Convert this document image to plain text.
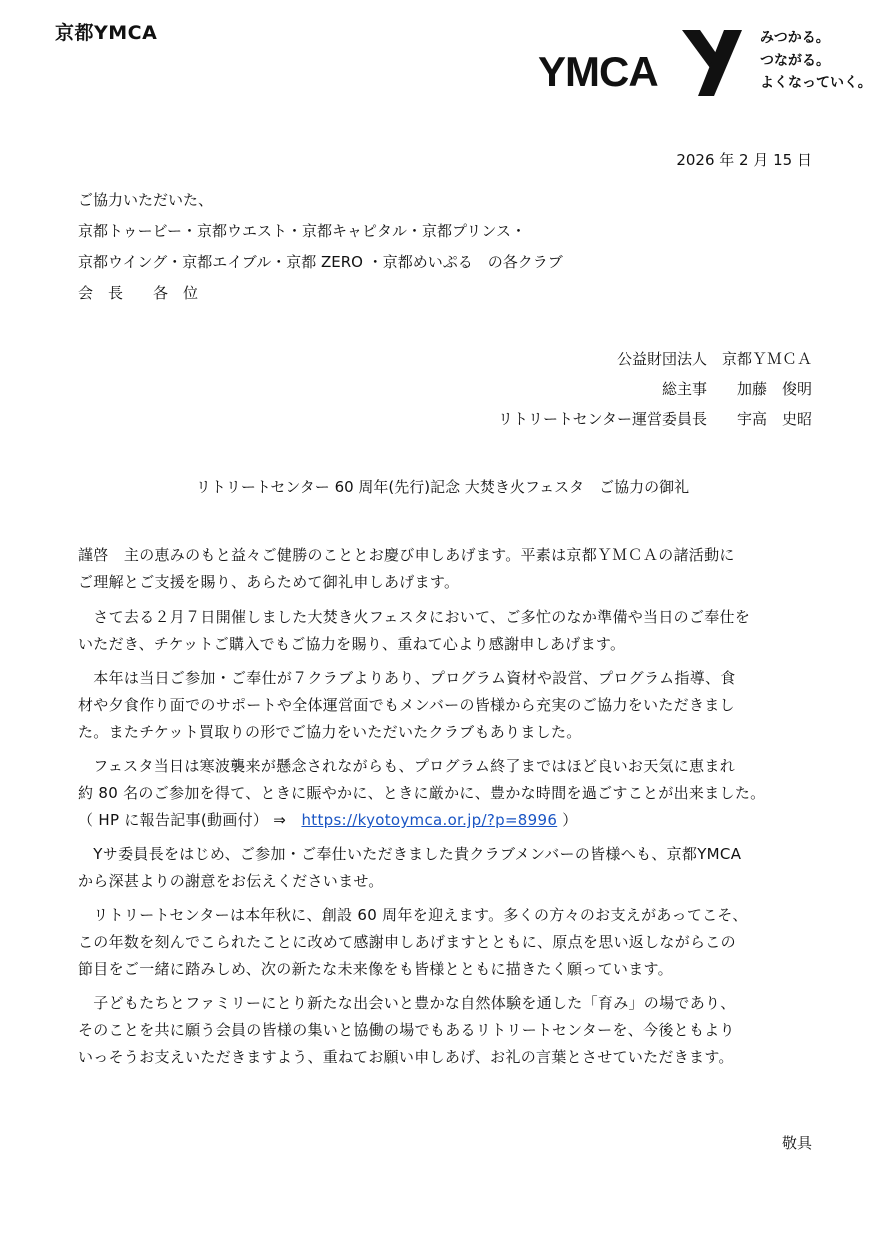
京都YMCA
YMCA
みつかる。
つながる。
よくなっていく。
2026 年 2 月 15 日
ご協力いただいた、
京都トゥービー・京都ウエスト・京都キャピタル・京都プリンス・
京都ウイング・京都エイブル・京都 ZERO ・京都めいぷる　の各クラブ
会　長　　各　位
公益財団法人　京都ＹＭＣＡ
総主事　　加藤　俊明
リトリートセンター運営委員長　　宇高　史昭
リトリートセンター 60 周年(先行)記念 大焚き火フェスタ　ご協力の御礼

謹啓　主の恵みのもと益々ご健勝のこととお慶び申しあげます。平素は京都ＹＭＣＡの諸活動に
ご理解とご支援を賜り、あらためて御礼申しあげます。

　さて去る２月７日開催しました大焚き火フェスタにおいて、ご多忙のなか準備や当日のご奉仕を
いただき、チケットご購入でもご協力を賜り、重ねて心より感謝申しあげます。

　本年は当日ご参加・ご奉仕が７クラブよりあり、プログラム資材や設営、プログラム指導、食
材や夕食作り面でのサポートや全体運営面でもメンバーの皆様から充実のご協力をいただきまし
た。またチケット買取りの形でご協力をいただいたクラブもありました。

　フェスタ当日は寒波襲来が懸念されながらも、プログラム終了まではほど良いお天気に恵まれ
約 80 名のご参加を得て、ときに賑やかに、ときに厳かに、豊かな時間を過ごすことが出来ました。
（ HP に報告記事(動画付） ⇒　https://kyotoymca.or.jp/?p=8996 ）

　Yサ委員長をはじめ、ご参加・ご奉仕いただきました貴クラブメンバーの皆様へも、京都YMCA
から深甚よりの謝意をお伝えくださいませ。

　リトリートセンターは本年秋に、創設 60 周年を迎えます。多くの方々のお支えがあってこそ、
この年数を刻んでこられたことに改めて感謝申しあげますとともに、原点を思い返しながらこの
節目をご一緒に踏みしめ、次の新たな未来像をも皆様とともに描きたく願っています。

　子どもたちとファミリーにとり新たな出会いと豊かな自然体験を通した「育み」の場であり、
そのことを共に願う会員の皆様の集いと協働の場でもあるリトリートセンターを、今後ともより
いっそうお支えいただきますよう、重ねてお願い申しあげ、お礼の言葉とさせていただきます。

敬具
